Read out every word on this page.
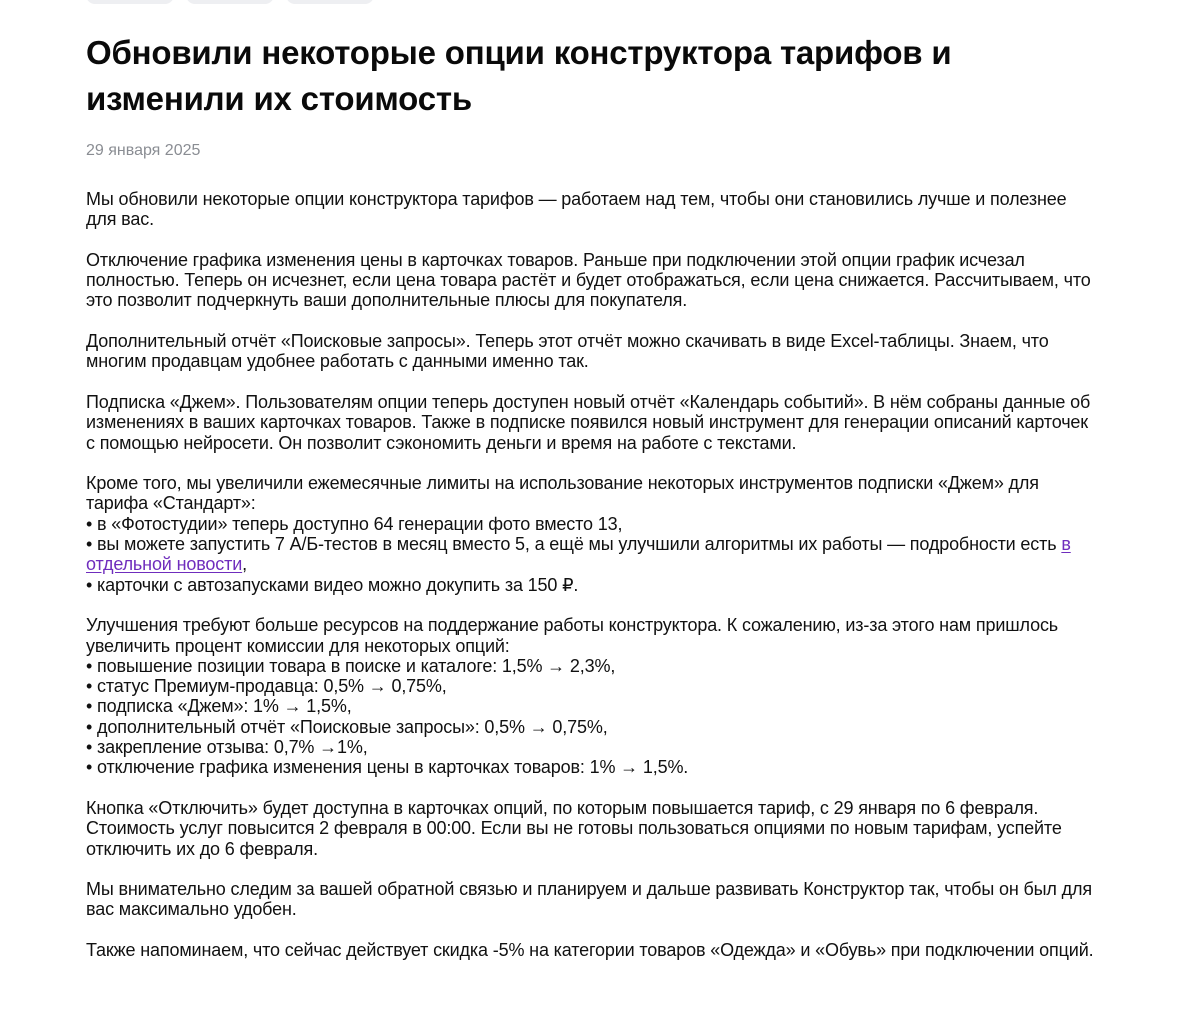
Обновили некоторые опции конструктора тарифов и изменили их стоимость
29 января 2025

Мы обновили некоторые опции конструктора тарифов — работаем над тем, чтобы они становились лучше и полезнее для вас.

Отключение графика изменения цены в карточках товаров. Раньше при подключении этой опции график исчезал полностью. Теперь он исчезнет, если цена товара растёт и будет отображаться, если цена снижается. Рассчитываем, что это позволит подчеркнуть ваши дополнительные плюсы для покупателя.

Дополнительный отчёт «Поисковые запросы». Теперь этот отчёт можно скачивать в виде Excel-таблицы. Знаем, что многим продавцам удобнее работать с данными именно так.

Подписка «Джем». Пользователям опции теперь доступен новый отчёт «Календарь событий». В нём собраны данные об изменениях в ваших карточках товаров. Также в подписке появился новый инструмент для генерации описаний карточек с помощью нейросети. Он позволит сэкономить деньги и время на работе с текстами.

Кроме того, мы увеличили ежемесячные лимиты на использование некоторых инструментов подписки «Джем» для тарифа «Стандарт»:
• в «Фотостудии» теперь доступно 64 генерации фото вместо 13,
• вы можете запустить 7 А/Б-тестов в месяц вместо 5, а ещё мы улучшили алгоритмы их работы — подробности есть в отдельной новости,
• карточки с автозапусками видео можно докупить за 150 ₽.

Улучшения требуют больше ресурсов на поддержание работы конструктора. К сожалению, из-за этого нам пришлось увеличить процент комиссии для некоторых опций:
• повышение позиции товара в поиске и каталоге: 1,5% → 2,3%,
• статус Премиум-продавца: 0,5% → 0,75%,
• подписка «Джем»: 1% → 1,5%,
• дополнительный отчёт «Поисковые запросы»: 0,5% → 0,75%,
• закрепление отзыва: 0,7% →1%,
• отключение графика изменения цены в карточках товаров: 1% → 1,5%.

Кнопка «Отключить» будет доступна в карточках опций, по которым повышается тариф, с 29 января по 6 февраля. Стоимость услуг повысится 2 февраля в 00:00. Если вы не готовы пользоваться опциями по новым тарифам, успейте отключить их до 6 февраля.

Мы внимательно следим за вашей обратной связью и планируем и дальше развивать Конструктор так, чтобы он был для вас максимально удобен.

Также напоминаем, что сейчас действует скидка -5% на категории товаров «Одежда» и «Обувь» при подключении опций.
